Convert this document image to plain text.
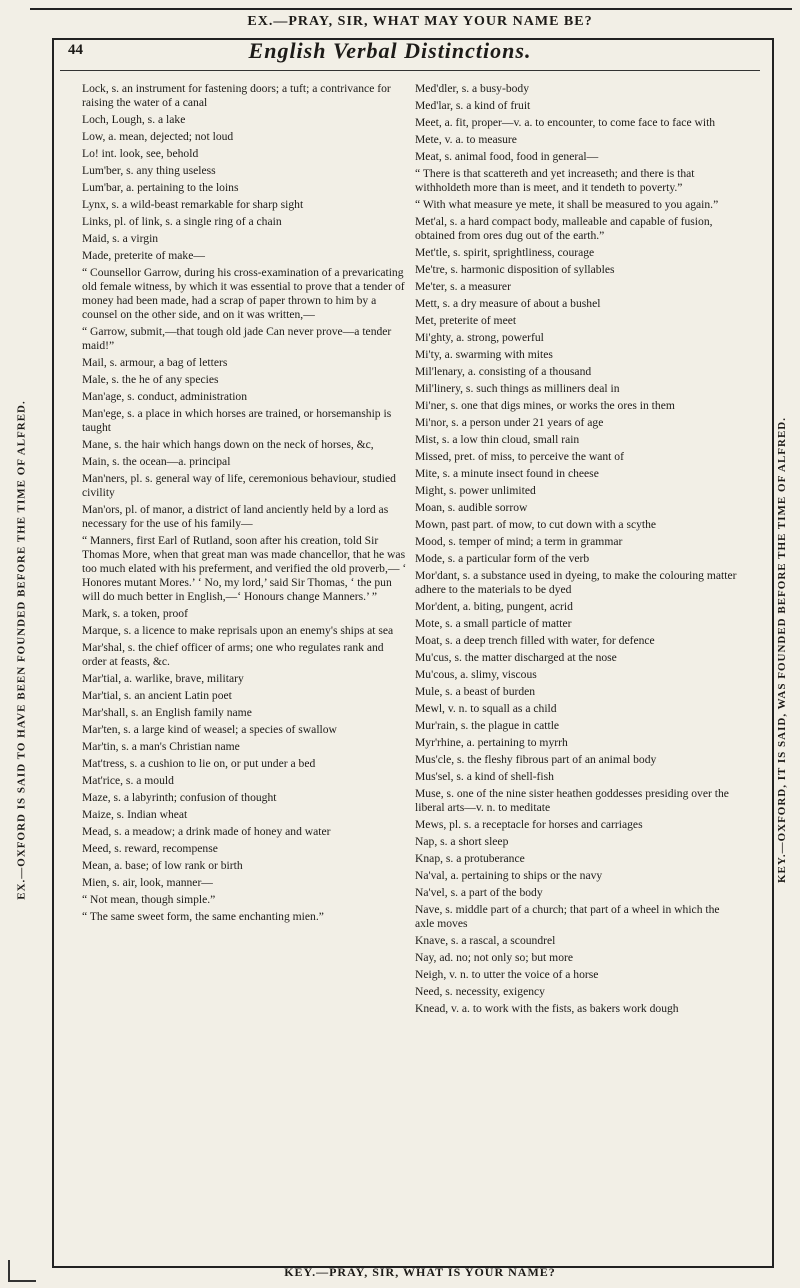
EX.—PRAY, SIR, WHAT MAY YOUR NAME BE?
EX.—OXFORD IS SAID TO HAVE BEEN FOUNDED BEFORE THE TIME OF ALFRED.	KEY.—OXFORD, IT IS SAID, WAS FOUNDED BEFORE THE TIME OF ALFRED.
44	English Verbal Distinctions.
Lock, s. an instrument for fastening doors; a tuft; a contrivance for raising the water of a canal
Loch, Lough, s. a lake
Low, a. mean, dejected; not loud
Lo! int. look, see, behold
Lum'ber, s. any thing useless
Lum'bar, a. pertaining to the loins
Lynx, s. a wild-beast remarkable for sharp sight
Links, pl. of link, s. a single ring of a chain
Maid, s. a virgin
Made, preterite of make—
“ Counsellor Garrow, during his cross-examination of a prevaricating old female witness, by which it was essential to prove that a tender of money had been made, had a scrap of paper thrown to him by a counsel on the other side, and on it was written,—
“ Garrow, submit,—that tough old jade Can never prove—a tender maid!”
Mail, s. armour, a bag of letters
Male, s. the he of any species
Man'age, s. conduct, administration
Man'ege, s. a place in which horses are trained, or horsemanship is taught
Mane, s. the hair which hangs down on the neck of horses, &c,
Main, s. the ocean—a. principal
Man'ners, pl. s. general way of life, ceremonious behaviour, studied civility
Man'ors, pl. of manor, a district of land anciently held by a lord as necessary for the use of his family—
“ Manners, first Earl of Rutland, soon after his creation, told Sir Thomas More, when that great man was made chancellor, that he was too much elated with his preferment, and verified the old proverb,— ‘ Honores mutant Mores.’ ‘ No, my lord,’ said Sir Thomas, ‘ the pun will do much better in English,—‘ Honours change Manners.’ ”
Mark, s. a token, proof
Marque, s. a licence to make reprisals upon an enemy's ships at sea
Mar'shal, s. the chief officer of arms; one who regulates rank and order at feasts, &c.
Mar'tial, a. warlike, brave, military
Mar'tial, s. an ancient Latin poet
Mar'shall, s. an English family name
Mar'ten, s. a large kind of weasel; a species of swallow
Mar'tin, s. a man's Christian name
Mat'tress, s. a cushion to lie on, or put under a bed
Mat'rice, s. a mould
Maze, s. a labyrinth; confusion of thought
Maize, s. Indian wheat
Mead, s. a meadow; a drink made of honey and water
Meed, s. reward, recompense
Mean, a. base; of low rank or birth
Mien, s. air, look, manner—
“ Not mean, though simple.”
“ The same sweet form, the same enchanting mien.”
Med'dler, s. a busy-body
Med'lar, s. a kind of fruit
Meet, a. fit, proper—v. a. to encounter, to come face to face with
Mete, v. a. to measure
Meat, s. animal food, food in general—
“ There is that scattereth and yet increaseth; and there is that withholdeth more than is meet, and it tendeth to poverty.”
“ With what measure ye mete, it shall be measured to you again.”
Met'al, s. a hard compact body, malleable and capable of fusion, obtained from ores dug out of the earth.”
Met'tle, s. spirit, sprightliness, courage
Me'tre, s. harmonic disposition of syllables
Me'ter, s. a measurer
Mett, s. a dry measure of about a bushel
Met, preterite of meet
Mi'ghty, a. strong, powerful
Mi'ty, a. swarming with mites
Mil'lenary, a. consisting of a thousand
Mil'linery, s. such things as milliners deal in
Mi'ner, s. one that digs mines, or works the ores in them
Mi'nor, s. a person under 21 years of age
Mist, s. a low thin cloud, small rain
Missed, pret. of miss, to perceive the want of
Mite, s. a minute insect found in cheese
Might, s. power unlimited
Moan, s. audible sorrow
Mown, past part. of mow, to cut down with a scythe
Mood, s. temper of mind; a term in grammar
Mode, s. a particular form of the verb
Mor'dant, s. a substance used in dyeing, to make the colouring matter adhere to the materials to be dyed
Mor'dent, a. biting, pungent, acrid
Mote, s. a small particle of matter
Moat, s. a deep trench filled with water, for defence
Mu'cus, s. the matter discharged at the nose
Mu'cous, a. slimy, viscous
Mule, s. a beast of burden
Mewl, v. n. to squall as a child
Mur'rain, s. the plague in cattle
Myr'rhine, a. pertaining to myrrh
Mus'cle, s. the fleshy fibrous part of an animal body
Mus'sel, s. a kind of shell-fish
Muse, s. one of the nine sister heathen goddesses presiding over the liberal arts—v. n. to meditate
Mews, pl. s. a receptacle for horses and carriages
Nap, s. a short sleep
Knap, s. a protuberance
Na'val, a. pertaining to ships or the navy
Na'vel, s. a part of the body
Nave, s. middle part of a church; that part of a wheel in which the axle moves
Knave, s. a rascal, a scoundrel
Nay, ad. no; not only so; but more
Neigh, v. n. to utter the voice of a horse
Need, s. necessity, exigency
Knead, v. a. to work with the fists, as bakers work dough
KEY.—PRAY, SIR, WHAT IS YOUR NAME?
